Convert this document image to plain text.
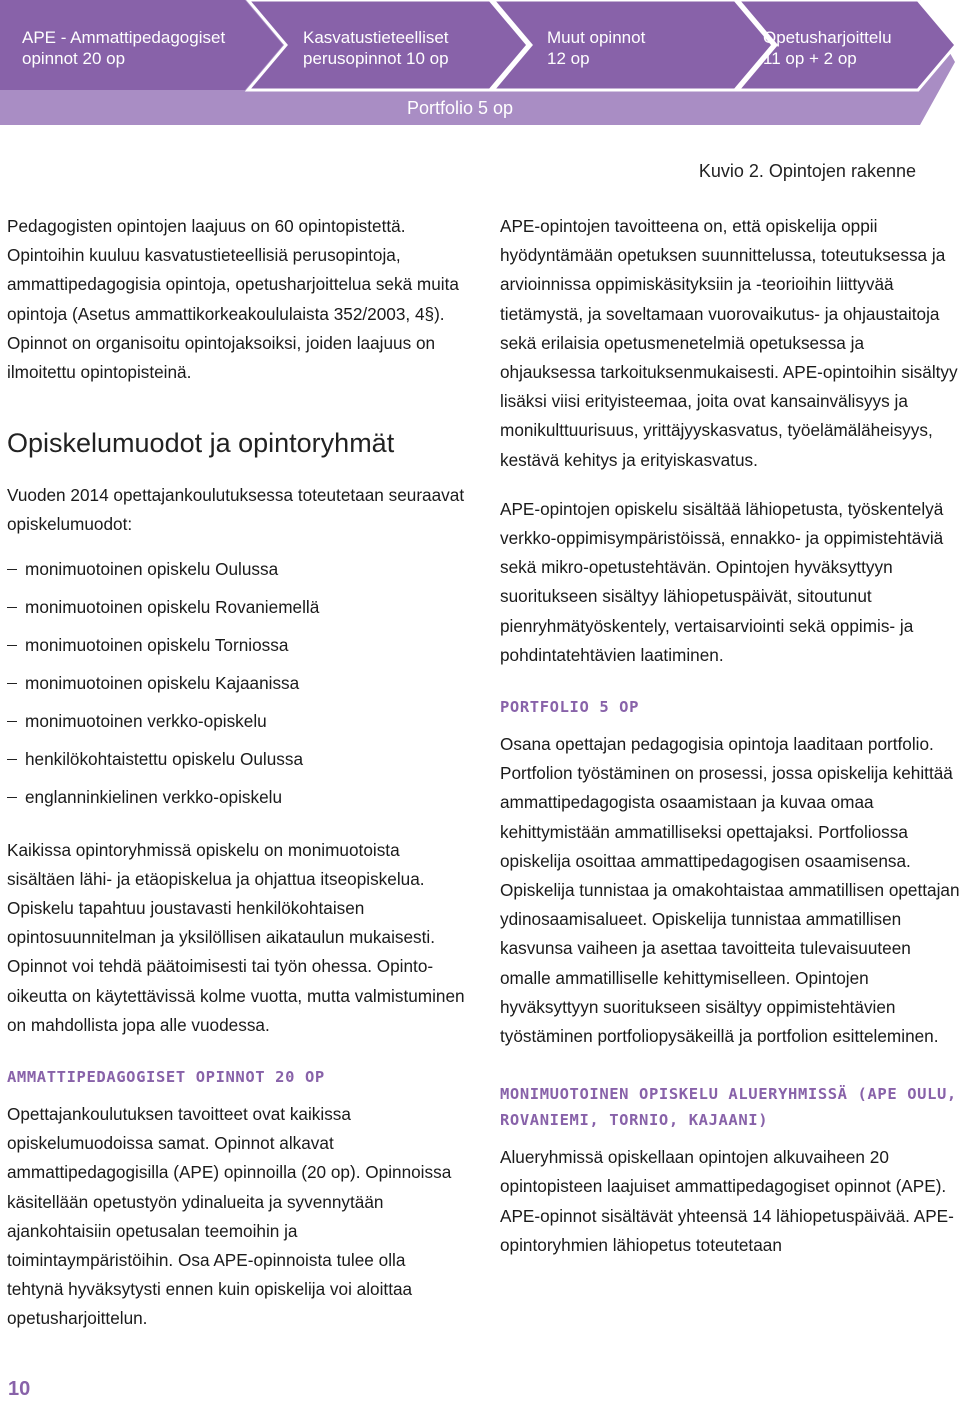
APE - Ammattipedagogiset
opinnot 20 op
Kasvatustieteelliset
perusopinnot 10 op
Muut opinnot
12 op
Opetusharjoittelu
11 op + 2 op
Portfolio 5 op
Kuvio 2. Opintojen rakenne

Pedagogisten opintojen laajuus on 60 opintopistettä. Opintoihin kuuluu kasvatustieteellisiä perusopintoja, ammattipedagogisia opintoja, opetusharjoittelua sekä muita opintoja (Asetus ammattikorkeakoululaista 352/2003, 4§). Opinnot on organisoitu opintojaksoiksi, joiden laajuus on ilmoitettu opintopisteinä.

Opiskelumuodot ja opintoryhmät

Vuoden 2014 opettajankoulutuksessa toteutetaan seuraavat opiskelumuodot:

monimuotoinen opiskelu Oulussa
monimuotoinen opiskelu Rovaniemellä
monimuotoinen opiskelu Torniossa
monimuotoinen opiskelu Kajaanissa
monimuotoinen verkko-opiskelu
henkilökohtaistettu opiskelu Oulussa
englanninkielinen verkko-opiskelu

Kaikissa opintoryhmissä opiskelu on monimuotoista sisältäen lähi- ja etäopiskelua ja ohjattua itseopiskelua. Opiskelu tapahtuu joustavasti henkilökohtaisen opintosuunnitelman ja yksilöllisen aikataulun mukaisesti. Opinnot voi tehdä päätoimisesti tai työn ohessa. Opinto-oikeutta on käytettävissä kolme vuotta, mutta valmistuminen on mahdollista jopa alle vuodessa.

AMMATTIPEDAGOGISET OPINNOT 20 OP

Opettajankoulutuksen tavoitteet ovat kaikissa opiskelumuodoissa samat. Opinnot alkavat ammattipedagogisilla (APE) opinnoilla (20 op). Opinnoissa käsitellään opetustyön ydinalueita ja syvennytään ajankohtaisiin opetusalan teemoihin ja toimintaympäristöihin. Osa APE-opinnoista tulee olla tehtynä hyväksytysti ennen kuin opiskelija voi aloittaa opetusharjoittelun.

APE-opintojen tavoitteena on, että opiskelija oppii hyödyntämään opetuksen suunnittelussa, toteutuksessa ja arvioinnissa oppimiskäsityksiin ja -teorioihin liittyvää tietämystä, ja soveltamaan vuorovaikutus- ja ohjaustaitoja sekä erilaisia opetusmenetelmiä opetuksessa ja ohjauksessa tarkoituksenmukaisesti. APE-opintoihin sisältyy lisäksi viisi erityisteemaa, joita ovat kansainvälisyys ja monikulttuurisuus, yrittäjyyskasvatus, työelämäläheisyys, kestävä kehitys ja erityiskasvatus.

APE-opintojen opiskelu sisältää lähiopetusta, työskentelyä verkko-oppimisympäristöissä, ennakko- ja oppimistehtäviä sekä mikro-opetustehtävän. Opintojen hyväksyttyyn suoritukseen sisältyy lähiopetuspäivät, sitoutunut pienryhmätyöskentely, vertaisarviointi sekä oppimis- ja pohdintatehtävien laatiminen.

PORTFOLIO 5 OP

Osana opettajan pedagogisia opintoja laaditaan portfolio. Portfolion työstäminen on prosessi, jossa opiskelija kehittää ammattipedagogista osaamistaan ja kuvaa omaa kehittymistään ammatilliseksi opettajaksi. Portfoliossa opiskelija osoittaa ammattipedagogisen osaamisensa. Opiskelija tunnistaa ja omakohtaistaa ammatillisen opettajan ydinosaamisalueet. Opiskelija tunnistaa ammatillisen kasvunsa vaiheen ja asettaa tavoitteita tulevaisuuteen omalle ammatilliselle kehittymiselleen. Opintojen hyväksyttyyn suoritukseen sisältyy oppimistehtävien työstäminen portfoliopysäkeillä ja portfolion esitteleminen.

MONIMUOTOINEN OPISKELU ALUERYHMISSÄ (APE OULU, ROVANIEMI, TORNIO, KAJAANI)

Alueryhmissä opiskellaan opintojen alkuvaiheen 20 opintopisteen laajuiset ammattipedagogiset opinnot (APE). APE-opinnot sisältävät yhteensä 14 lähiopetuspäivää. APE-opintoryhmien lähiopetus toteutetaan

10
